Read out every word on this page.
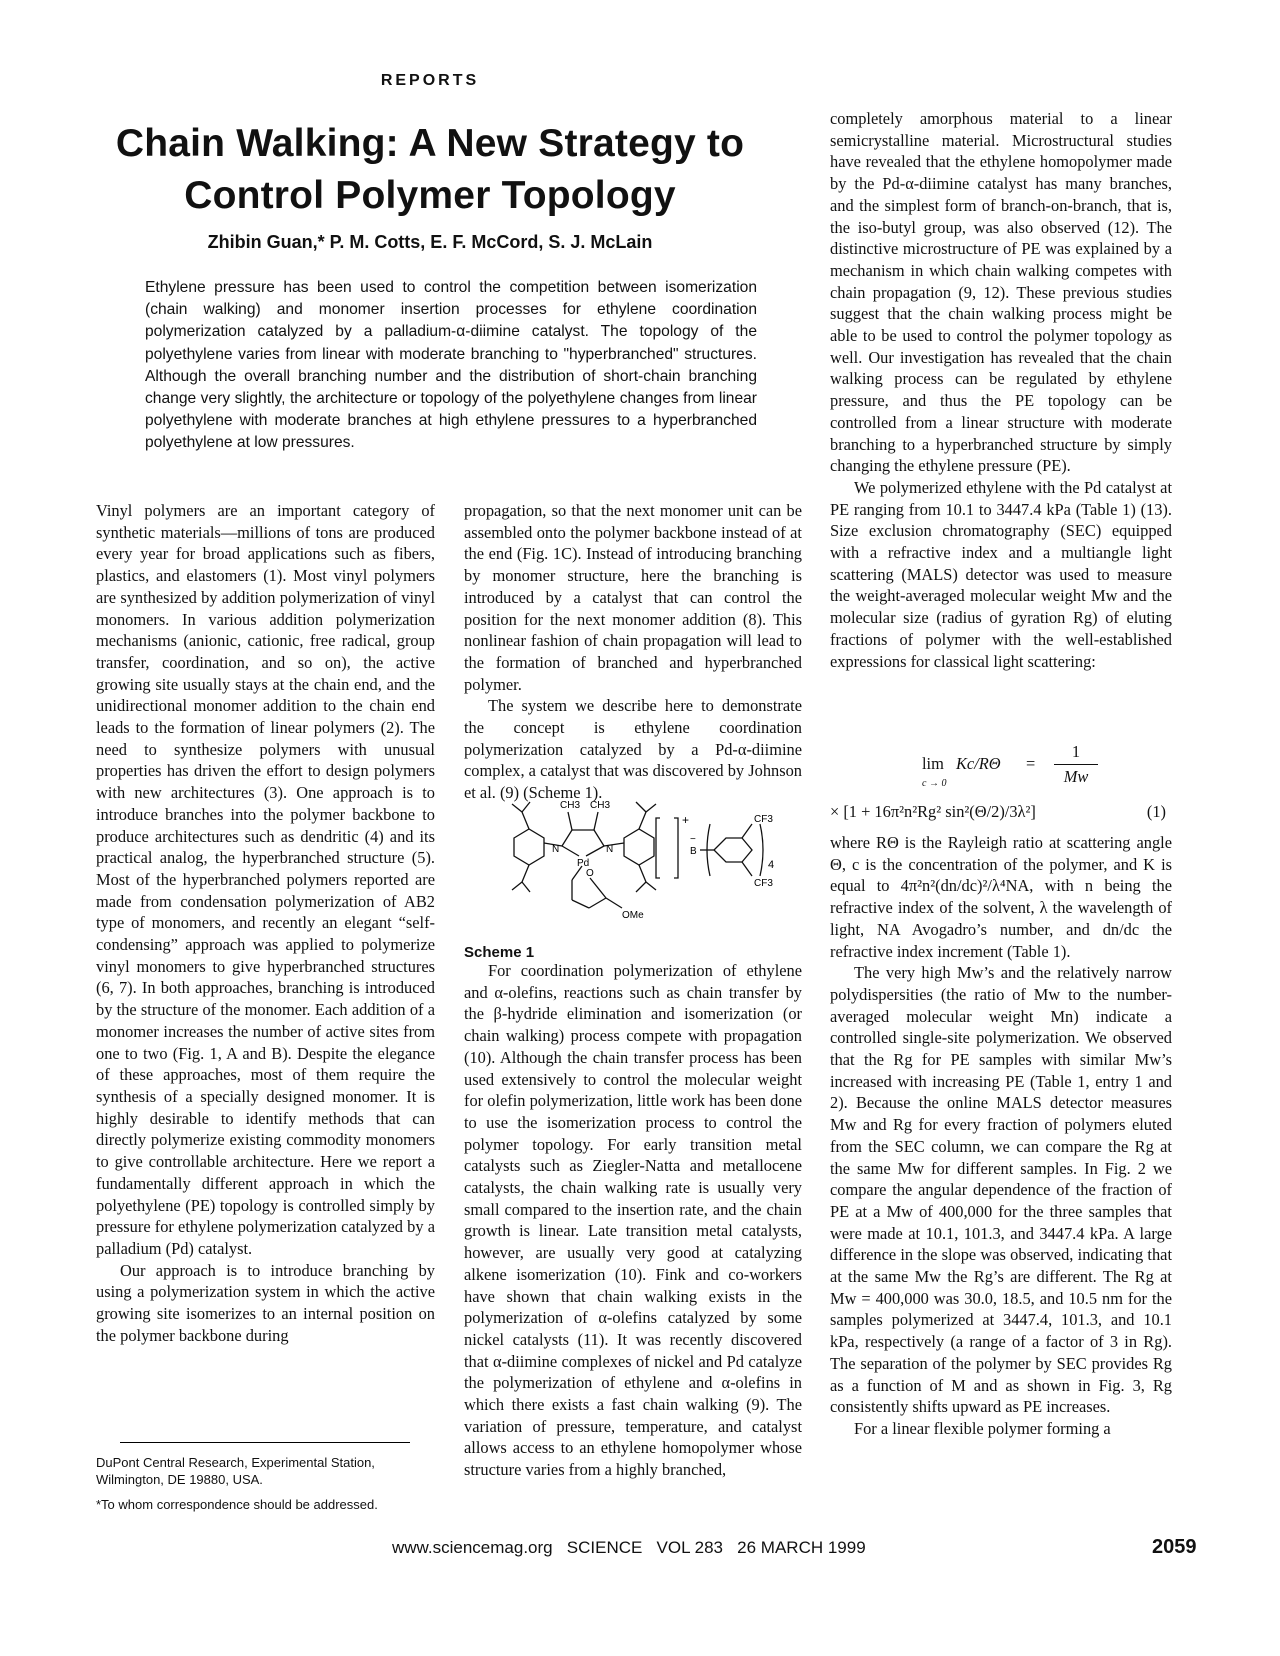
REPORTS
Chain Walking: A New Strategy to Control Polymer Topology
Zhibin Guan,* P. M. Cotts, E. F. McCord, S. J. McLain

Ethylene pressure has been used to control the competition between isomerization (chain walking) and monomer insertion processes for ethylene coordination polymerization catalyzed by a palladium-α-diimine catalyst. The topology of the polyethylene varies from linear with moderate branching to "hyperbranched" structures. Although the overall branching number and the distribution of short-chain branching change very slightly, the architecture or topology of the polyethylene changes from linear polyethylene with moderate branches at high ethylene pressures to a hyperbranched polyethylene at low pressures.

Vinyl polymers are an important category of synthetic materials—millions of tons are produced every year for broad applications such as fibers, plastics, and elastomers (1). Most vinyl polymers are synthesized by addition polymerization of vinyl monomers. In various addition polymerization mechanisms (anionic, cationic, free radical, group transfer, coordination, and so on), the active growing site usually stays at the chain end, and the unidirectional monomer addition to the chain end leads to the formation of linear polymers (2). The need to synthesize polymers with unusual properties has driven the effort to design polymers with new architectures (3). One approach is to introduce branches into the polymer backbone to produce architectures such as dendritic (4) and its practical analog, the hyperbranched structure (5). Most of the hyperbranched polymers reported are made from condensation polymerization of AB2 type of monomers, and recently an elegant “self-condensing” approach was applied to polymerize vinyl monomers to give hyperbranched structures (6, 7). In both approaches, branching is introduced by the structure of the monomer. Each addition of a monomer increases the number of active sites from one to two (Fig. 1, A and B). Despite the elegance of these approaches, most of them require the synthesis of a specially designed monomer. It is highly desirable to identify methods that can directly polymerize existing commodity monomers to give controllable architecture. Here we report a fundamentally different approach in which the polyethylene (PE) topology is controlled simply by pressure for ethylene polymerization catalyzed by a palladium (Pd) catalyst.

Our approach is to introduce branching by using a polymerization system in which the active growing site isomerizes to an internal position on the polymer backbone during

propagation, so that the next monomer unit can be assembled onto the polymer backbone instead of at the end (Fig. 1C). Instead of introducing branching by monomer structure, here the branching is introduced by a catalyst that can control the position for the next monomer addition (8). This nonlinear fashion of chain propagation will lead to the formation of branched and hyperbranched polymer.

The system we describe here to demonstrate the concept is ethylene coordination polymerization catalyzed by a Pd-α-diimine complex, a catalyst that was discovered by Johnson et al. (9) (Scheme 1).

CH3 CH3
N	N
Pd
O
OMe
+
−
B
CF3
CF3
4
Scheme 1

For coordination polymerization of ethylene and α-olefins, reactions such as chain transfer by the β-hydride elimination and isomerization (or chain walking) process compete with propagation (10). Although the chain transfer process has been used extensively to control the molecular weight for olefin polymerization, little work has been done to use the isomerization process to control the polymer topology. For early transition metal catalysts such as Ziegler-Natta and metallocene catalysts, the chain walking rate is usually very small compared to the insertion rate, and the chain growth is linear. Late transition metal catalysts, however, are usually very good at catalyzing alkene isomerization (10). Fink and co-workers have shown that chain walking exists in the polymerization of α-olefins catalyzed by some nickel catalysts (11). It was recently discovered that α-diimine complexes of nickel and Pd catalyze the polymerization of ethylene and α-olefins in which there exists a fast chain walking (9). The variation of pressure, temperature, and catalyst allows access to an ethylene homopolymer whose structure varies from a highly branched,

completely amorphous material to a linear semicrystalline material. Microstructural studies have revealed that the ethylene homopolymer made by the Pd-α-diimine catalyst has many branches, and the simplest form of branch-on-branch, that is, the iso-butyl group, was also observed (12). The distinctive microstructure of PE was explained by a mechanism in which chain walking competes with chain propagation (9, 12). These previous studies suggest that the chain walking process might be able to be used to control the polymer topology as well. Our investigation has revealed that the chain walking process can be regulated by ethylene pressure, and thus the PE topology can be controlled from a linear structure with moderate branching to a hyperbranched structure by simply changing the ethylene pressure (PE).

We polymerized ethylene with the Pd catalyst at PE ranging from 10.1 to 3447.4 kPa (Table 1) (13). Size exclusion chromatography (SEC) equipped with a refractive index and a multiangle light scattering (MALS) detector was used to measure the weight-averaged molecular weight Mw and the molecular size (radius of gyration Rg) of eluting fractions of polymer with the well-established expressions for classical light scattering:

lim
c → 0
Kc/RΘ =
1
Mw
× [1 + 16π²n²Rg² sin²(Θ/2)/3λ²]	(1)

where RΘ is the Rayleigh ratio at scattering angle Θ, c is the concentration of the polymer, and K is equal to 4π²n²(dn/dc)²/λ⁴NA, with n being the refractive index of the solvent, λ the wavelength of light, NA Avogadro’s number, and dn/dc the refractive index increment (Table 1).

The very high Mw’s and the relatively narrow polydispersities (the ratio of Mw to the number-averaged molecular weight Mn) indicate a controlled single-site polymerization. We observed that the Rg for PE samples with similar Mw’s increased with increasing PE (Table 1, entry 1 and 2). Because the online MALS detector measures Mw and Rg for every fraction of polymers eluted from the SEC column, we can compare the Rg at the same Mw for different samples. In Fig. 2 we compare the angular dependence of the fraction of PE at a Mw of 400,000 for the three samples that were made at 10.1, 101.3, and 3447.4 kPa. A large difference in the slope was observed, indicating that at the same Mw the Rg’s are different. The Rg at Mw = 400,000 was 30.0, 18.5, and 10.5 nm for the samples polymerized at 3447.4, 101.3, and 10.1 kPa, respectively (a range of a factor of 3 in Rg). The separation of the polymer by SEC provides Rg as a function of M and as shown in Fig. 3, Rg consistently shifts upward as PE increases.

For a linear flexible polymer forming a

DuPont Central Research, Experimental Station, Wilmington, DE 19880, USA.
*To whom correspondence should be addressed.
www.sciencemag.org   SCIENCE   VOL 283   26 MARCH 1999	2059
